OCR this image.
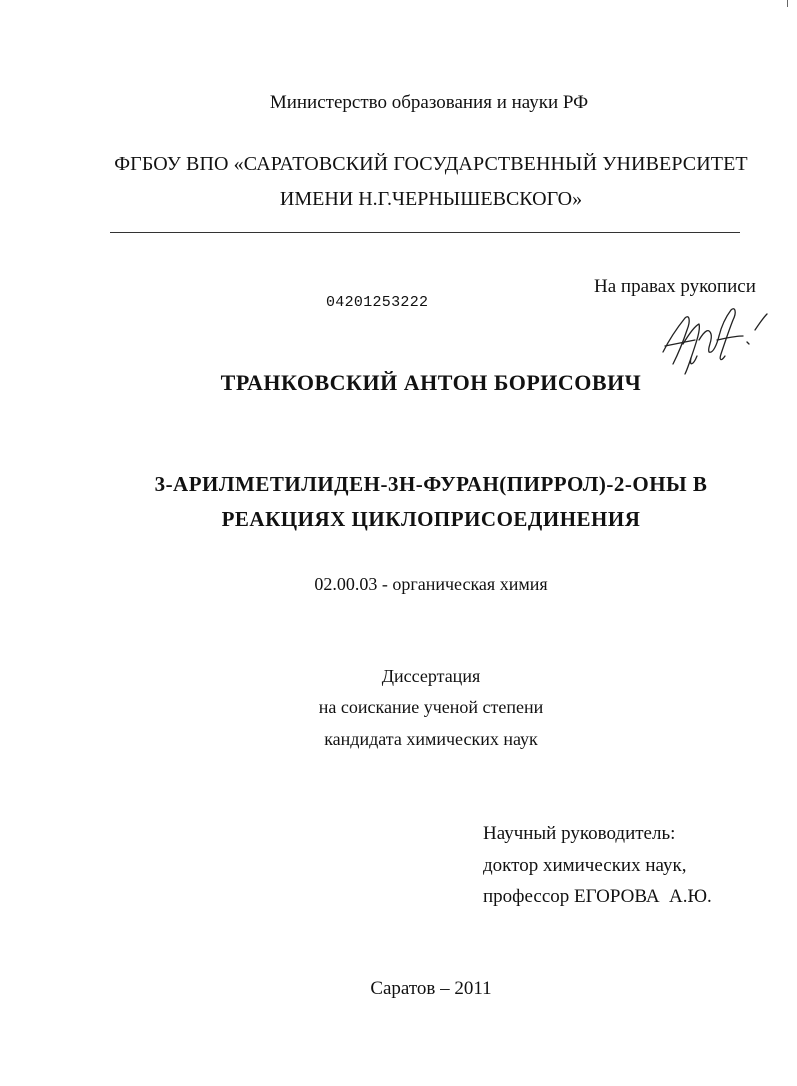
Министерство образования и науки РФ
ФГБОУ ВПО «САРАТОВСКИЙ ГОСУДАРСТВЕННЫЙ УНИВЕРСИТЕТ
ИМЕНИ Н.Г.ЧЕРНЫШЕВСКОГО»
04201253222
На правах рукописи
ТРАНКОВСКИЙ АНТОН БОРИСОВИЧ
3-АРИЛМЕТИЛИДЕН-3Н-ФУРАН(ПИРРОЛ)-2-ОНЫ В
РЕАКЦИЯХ ЦИКЛОПРИСОЕДИНЕНИЯ
02.00.03 - органическая химия
Диссертация
на соискание ученой степени
кандидата химических наук
Научный руководитель:
доктор химических наук,
профессор ЕГОРОВА  А.Ю.
Саратов – 2011
